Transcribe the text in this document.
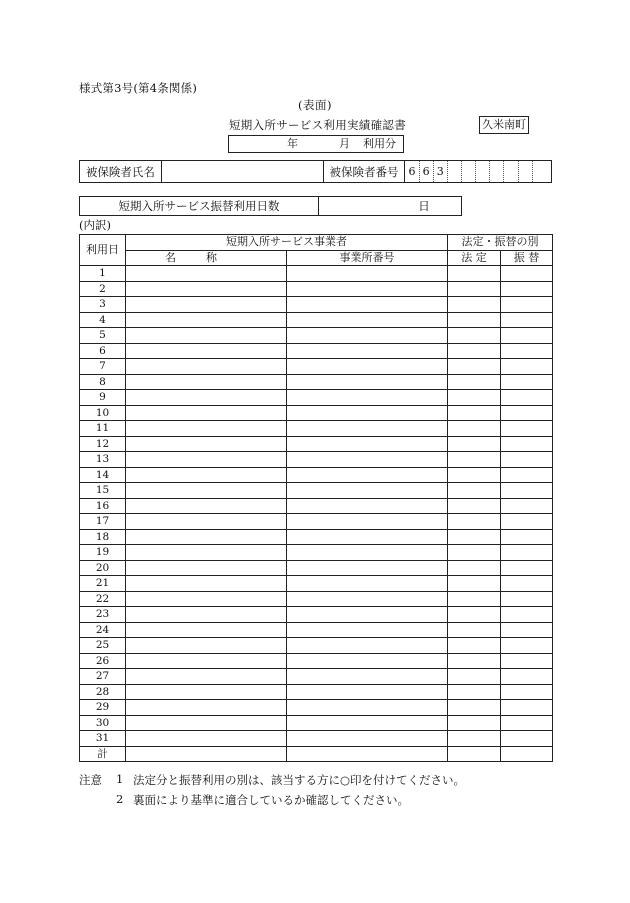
様式第3号(第4条関係)
(表面)
短期入所サービス利用実績確認書	久米南町
年	月 利用分
被保険者氏名		被保険者番号	6	6	3							
短期入所サービス振替利用日数	日
(内訳)
利用日	短期入所サービス事業者		法定・振替の別	
	名称	事業所番号	法 定	振 替
1				
2				
3				
4				
5				
6				
7				
8				
9				
10				
11				
12				
13				
14				
15				
16				
17				
18				
19				
20				
21				
22				
23				
24				
25				
26				
27				
28				
29				
30				
31				
計				
注意 1 法定分と振替利用の別は、該当する方に○印を付けてください。
2 裏面により基準に適合しているか確認してください。
